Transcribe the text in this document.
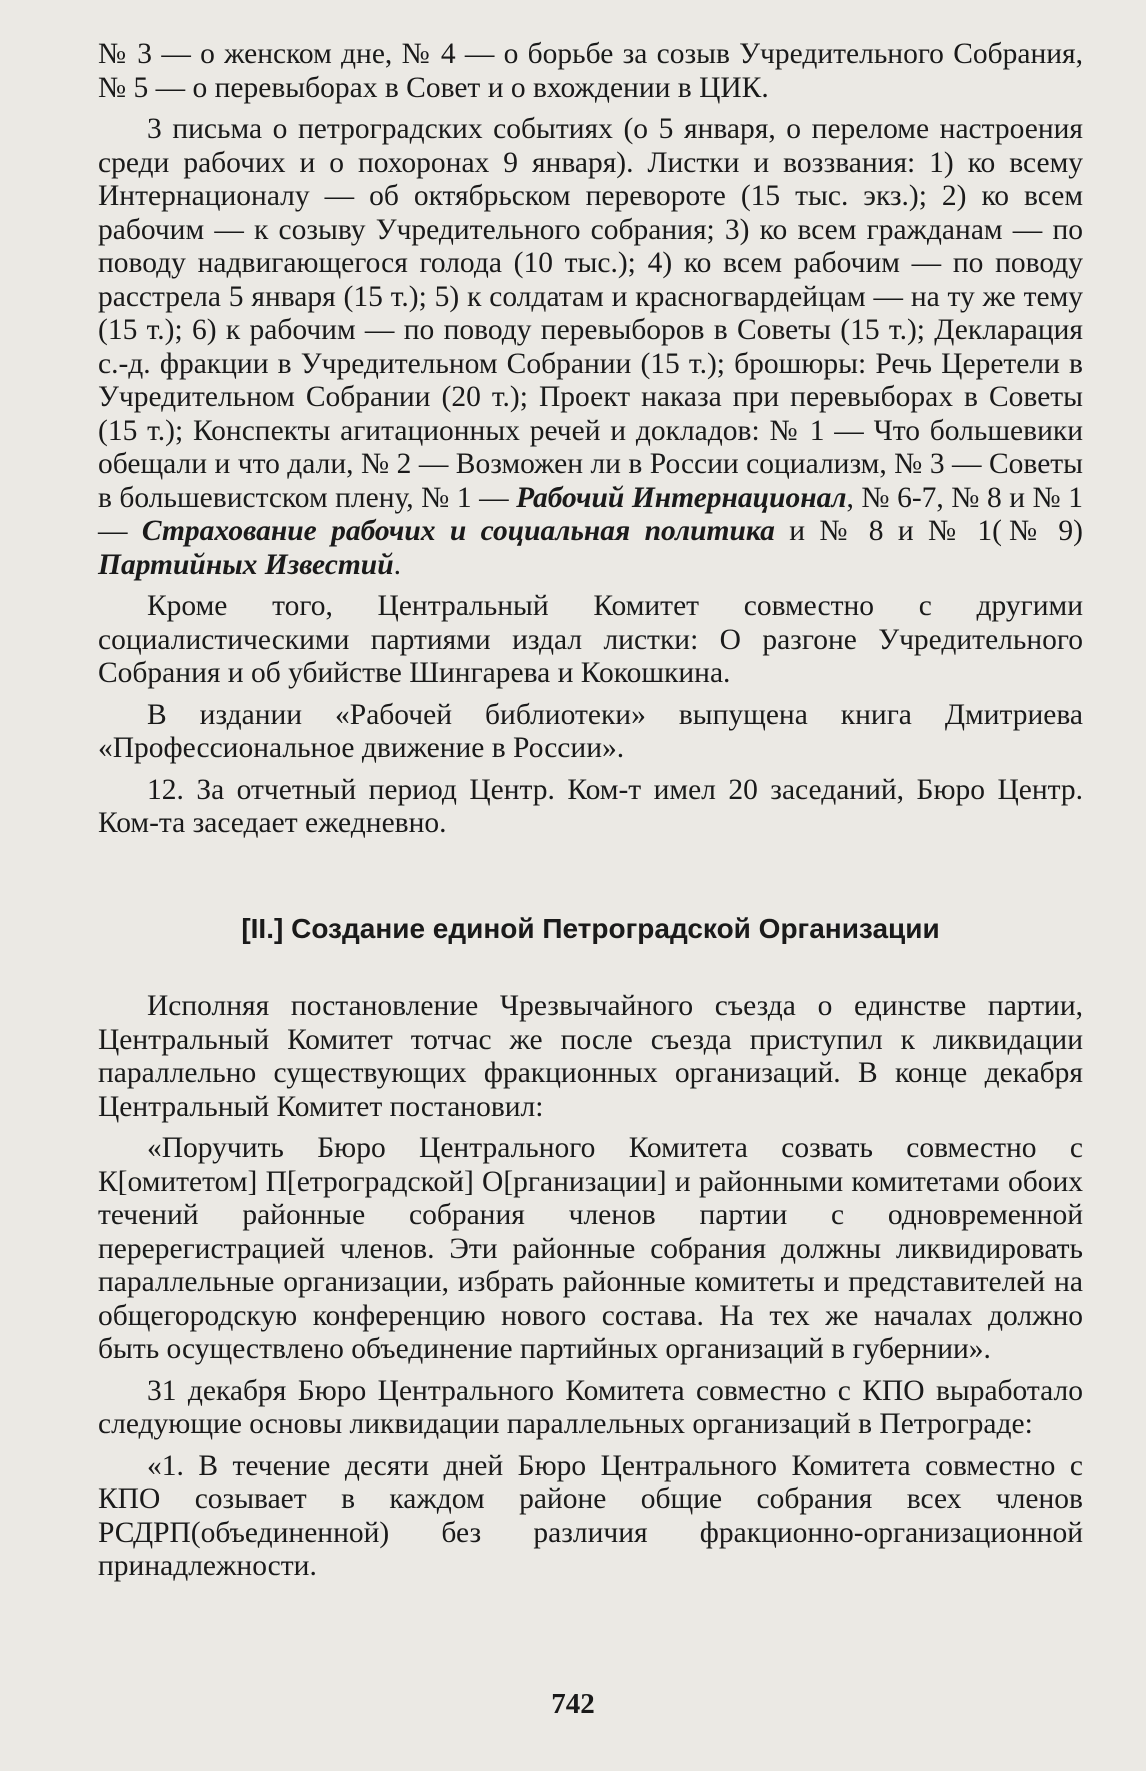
№ 3 — о женском дне, № 4 — о борьбе за созыв Учредительного Собрания, № 5 — о перевыборах в Совет и о вхождении в ЦИК.

3 письма о петроградских событиях (о 5 января, о переломе настроения среди рабочих и о похоронах 9 января). Листки и воззвания: 1) ко всему Интернационалу — об октябрьском перевороте (15 тыс. экз.); 2) ко всем рабочим — к созыву Учредительного собрания; 3) ко всем гражданам — по поводу надвигающегося голода (10 тыс.); 4) ко всем рабочим — по поводу расстрела 5 января (15 т.); 5) к солдатам и красногвардейцам — на ту же тему (15 т.); 6) к рабочим — по поводу перевыборов в Советы (15 т.); Декларация с.-д. фракции в Учредительном Собрании (15 т.); брошюры: Речь Церетели в Учредительном Собрании (20 т.); Проект наказа при перевыборах в Советы (15 т.); Конспекты агитационных речей и докладов: № 1 — Что большевики обещали и что дали, № 2 — Возможен ли в России социализм, № 3 — Советы в большевистском плену, № 1 — Рабочий Интернационал, № 6-7, № 8 и № 1 — Страхование рабочих и социальная политика и № 8 и № 1(№ 9) Партийных Известий.

Кроме того, Центральный Комитет совместно с другими социалистическими партиями издал листки: О разгоне Учредительного Собрания и об убийстве Шингарева и Кокошкина.

В издании «Рабочей библиотеки» выпущена книга Дмитриева «Профессиональное движение в России».

12. За отчетный период Центр. Ком-т имел 20 заседаний, Бюро Центр. Ком-та заседает ежедневно.

[II.] Создание единой Петроградской Организации

Исполняя постановление Чрезвычайного съезда о единстве партии, Центральный Комитет тотчас же после съезда приступил к ликвидации параллельно существующих фракционных организаций. В конце декабря Центральный Комитет постановил:

«Поручить Бюро Центрального Комитета созвать совместно с К[омитетом] П[етроградской] О[рганизации] и районными комитетами обоих течений районные собрания членов партии с одновременной перерегистрацией членов. Эти районные собрания должны ликвидировать параллельные организации, избрать районные комитеты и представителей на общегородскую конференцию нового состава. На тех же началах должно быть осуществлено объединение партийных организаций в губернии».

31 декабря Бюро Центрального Комитета совместно с КПО выработало следующие основы ликвидации параллельных организаций в Петрограде:

«1. В течение десяти дней Бюро Центрального Комитета совместно с КПО созывает в каждом районе общие собрания всех членов РСДРП(объединенной) без различия фракционно-организационной принадлежности.

742
